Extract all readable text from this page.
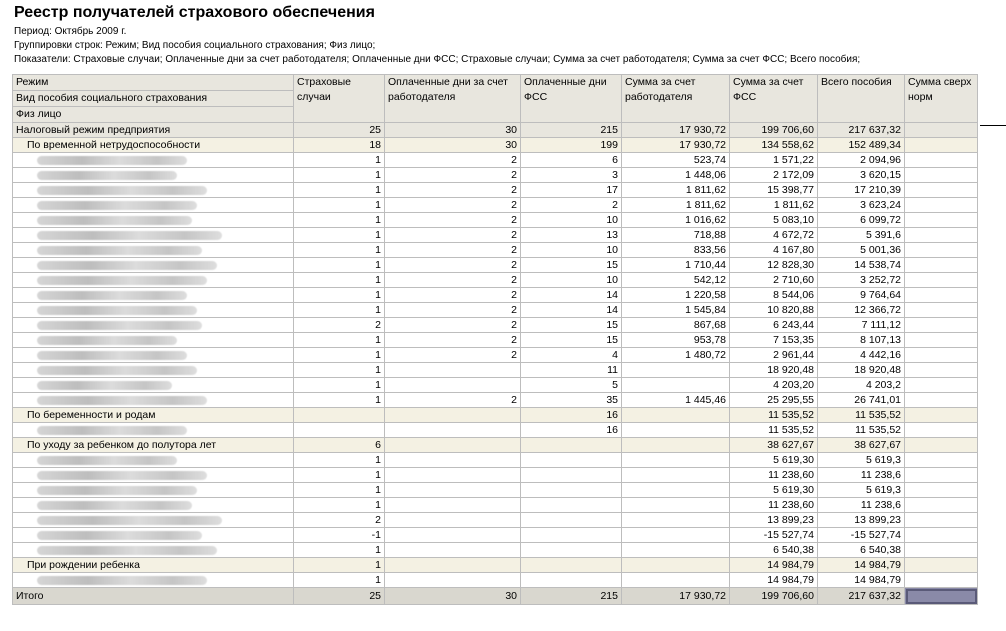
Реестр получателей страхового обеспечения
Период: Октябрь 2009 г.
Группировки строк: Режим; Вид пособия социального страхования; Физ лицо;
Показатели: Страховые случаи; Оплаченные дни за счет работодателя; Оплаченные дни ФСС; Страховые случаи; Сумма за счет работодателя; Сумма за счет ФСС; Всего пособия;
Режим	Страховые случаи	Оплаченные дни за счет работодателя	Оплаченные дни ФСС	Сумма за счет работодателя	Сумма за счет ФСС	Всего пособия	Сумма сверх норм
Вид пособия социального страхования							
Физ лицо							
Налоговый режим предприятия	25	30	215	17 930,72	199 706,60	217 637,32	
По временной нетрудоспособности	18	30	199	17 930,72	134 558,62	152 489,34	
	1	2	6	523,74	1 571,22	2 094,96	
	1	2	3	1 448,06	2 172,09	3 620,15	
	1	2	17	1 811,62	15 398,77	17 210,39	
	1	2	2	1 811,62	1 811,62	3 623,24	
	1	2	10	1 016,62	5 083,10	6 099,72	
	1	2	13	718,88	4 672,72	5 391,6	
	1	2	10	833,56	4 167,80	5 001,36	
	1	2	15	1 710,44	12 828,30	14 538,74	
	1	2	10	542,12	2 710,60	3 252,72	
	1	2	14	1 220,58	8 544,06	9 764,64	
	1	2	14	1 545,84	10 820,88	12 366,72	
	2	2	15	867,68	6 243,44	7 111,12	
	1	2	15	953,78	7 153,35	8 107,13	
	1	2	4	1 480,72	2 961,44	4 442,16	
	1		11		18 920,48	18 920,48	
	1		5		4 203,20	4 203,2	
	1	2	35	1 445,46	25 295,55	26 741,01	
По беременности и родам			16		11 535,52	11 535,52	
			16		11 535,52	11 535,52	
По уходу за ребенком до полутора лет	6				38 627,67	38 627,67	
	1				5 619,30	5 619,3	
	1				11 238,60	11 238,6	
	1				5 619,30	5 619,3	
	1				11 238,60	11 238,6	
	2				13 899,23	13 899,23	
	-1				-15 527,74	-15 527,74	
	1				6 540,38	6 540,38	
При рождении ребенка	1				14 984,79	14 984,79	
	1				14 984,79	14 984,79	
Итого	25	30	215	17 930,72	199 706,60	217 637,32	
